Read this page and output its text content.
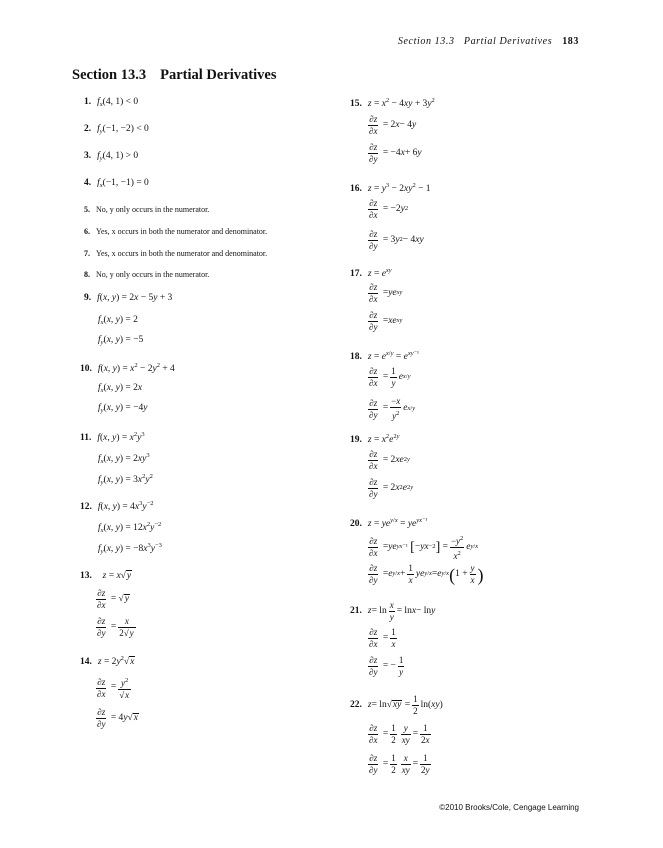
Section 13.3   Partial Derivatives 183
Section 13.3 Partial Derivatives
1. $f_x(4$, 1) < 0
2. $f_y(-1$, −2) < 0
3. $f_y(4$, 1) > 0
4. $f_x(-1$, −1) = 0
5. No, y only occurs in the numerator.
6. Yes, x occurs in both the numerator and denominator.
7. Yes, x occurs in both the numerator and denominator.
8. No, y only occurs in the numerator.
9. f(x, y) = 2x − 5y + 3
$f_x(x$, y) = 2
$f_y(x$, y) = −5
10. f(x, $y) = x^2 - 2y^2 + 4$
$f_x(x$, y) = 2x
$f_y(x$, y) = −4y
11. f(x, $y) = x^2y^3$
$f_x(x$, $y) = 2xy^3$
$f_y(x$, $y) = 3x^2y^2$
12. f(x, $y) = 4x^3y^{-2}$
$f_x(x$, $y) = 12x^2y^{-2}$
$f_y(x$, $y) = -8x^3y^{-3}$
13. z = x√y
$\frac{\partial z}{\partial x}$ = √ y
$\frac{\partial z}{\partial y} = \frac{x}{2√y}$
14. $z = 2y^2√x$
$\frac{\partial z}{\partial x} = \frac{y^2}{√x}$
$\frac{\partial z}{\partial y} = 4$ y √ x
15. $z = x^2 - 4xy + 3y^2$
$\frac{\partial z}{\partial x} = 2$ x − 4 y
$\frac{\partial z}{\partial y} = -4$ x + 6 y
16. $z = y^3 - 2xy^2 - 1$
$\frac{\partial z}{\partial x} = -2$ y 2
$\frac{\partial z}{\partial y} = 3$ y 2 − 4 xy
17. $z = e^{xy}$
$\frac{\partial z}{\partial x}$ = ye xy
$\frac{\partial z}{\partial y}$ = xe xy
18. $z = e^{x/y} = e^{xy^{-1}}$
$\frac{\partial z}{\partial x} = \frac{1}{y}$ e x/y
$\frac{\partial z}{\partial y} = \frac{-x}{y^2}$ e x/y
19. $z = x^2e^{2y}$
$\frac{\partial z}{\partial x} = 2$ xe 2y
$\frac{\partial z}{\partial y} = 2$ x 2 e 2y
20. $z = ye^{y/x} = ye^{yx^{-1}}$
$\frac{\partial z}{\partial x}$ = ye yx⁻¹
[ − yx −2 ] = $\frac{-y^2}{x^2}$ e y/x
$\frac{\partial z}{\partial y} = e$ $y/x + \frac{1}{x}$ ye y/x = e y/x ( $1 + \frac{y}{x}$ )
21. $z = \ln \frac{x}{y} = \ln x - \ln y$
$\frac{\partial z}{\partial x} = \frac{1}{x}$
$\frac{\partial z}{\partial y}$ = − $\frac{1}{y}$
22. z = ln√ xy = $\frac{1}{2} \ln$( xy )
$\frac{\partial z}{\partial x} = \frac{1}{2} \frac{y}{xy} = \frac{1}{2x}$
$\frac{\partial z}{\partial y} = \frac{1}{2} \frac{x}{xy} = \frac{1}{2y}$
©2010 Brooks/Cole, Cengage Learning
